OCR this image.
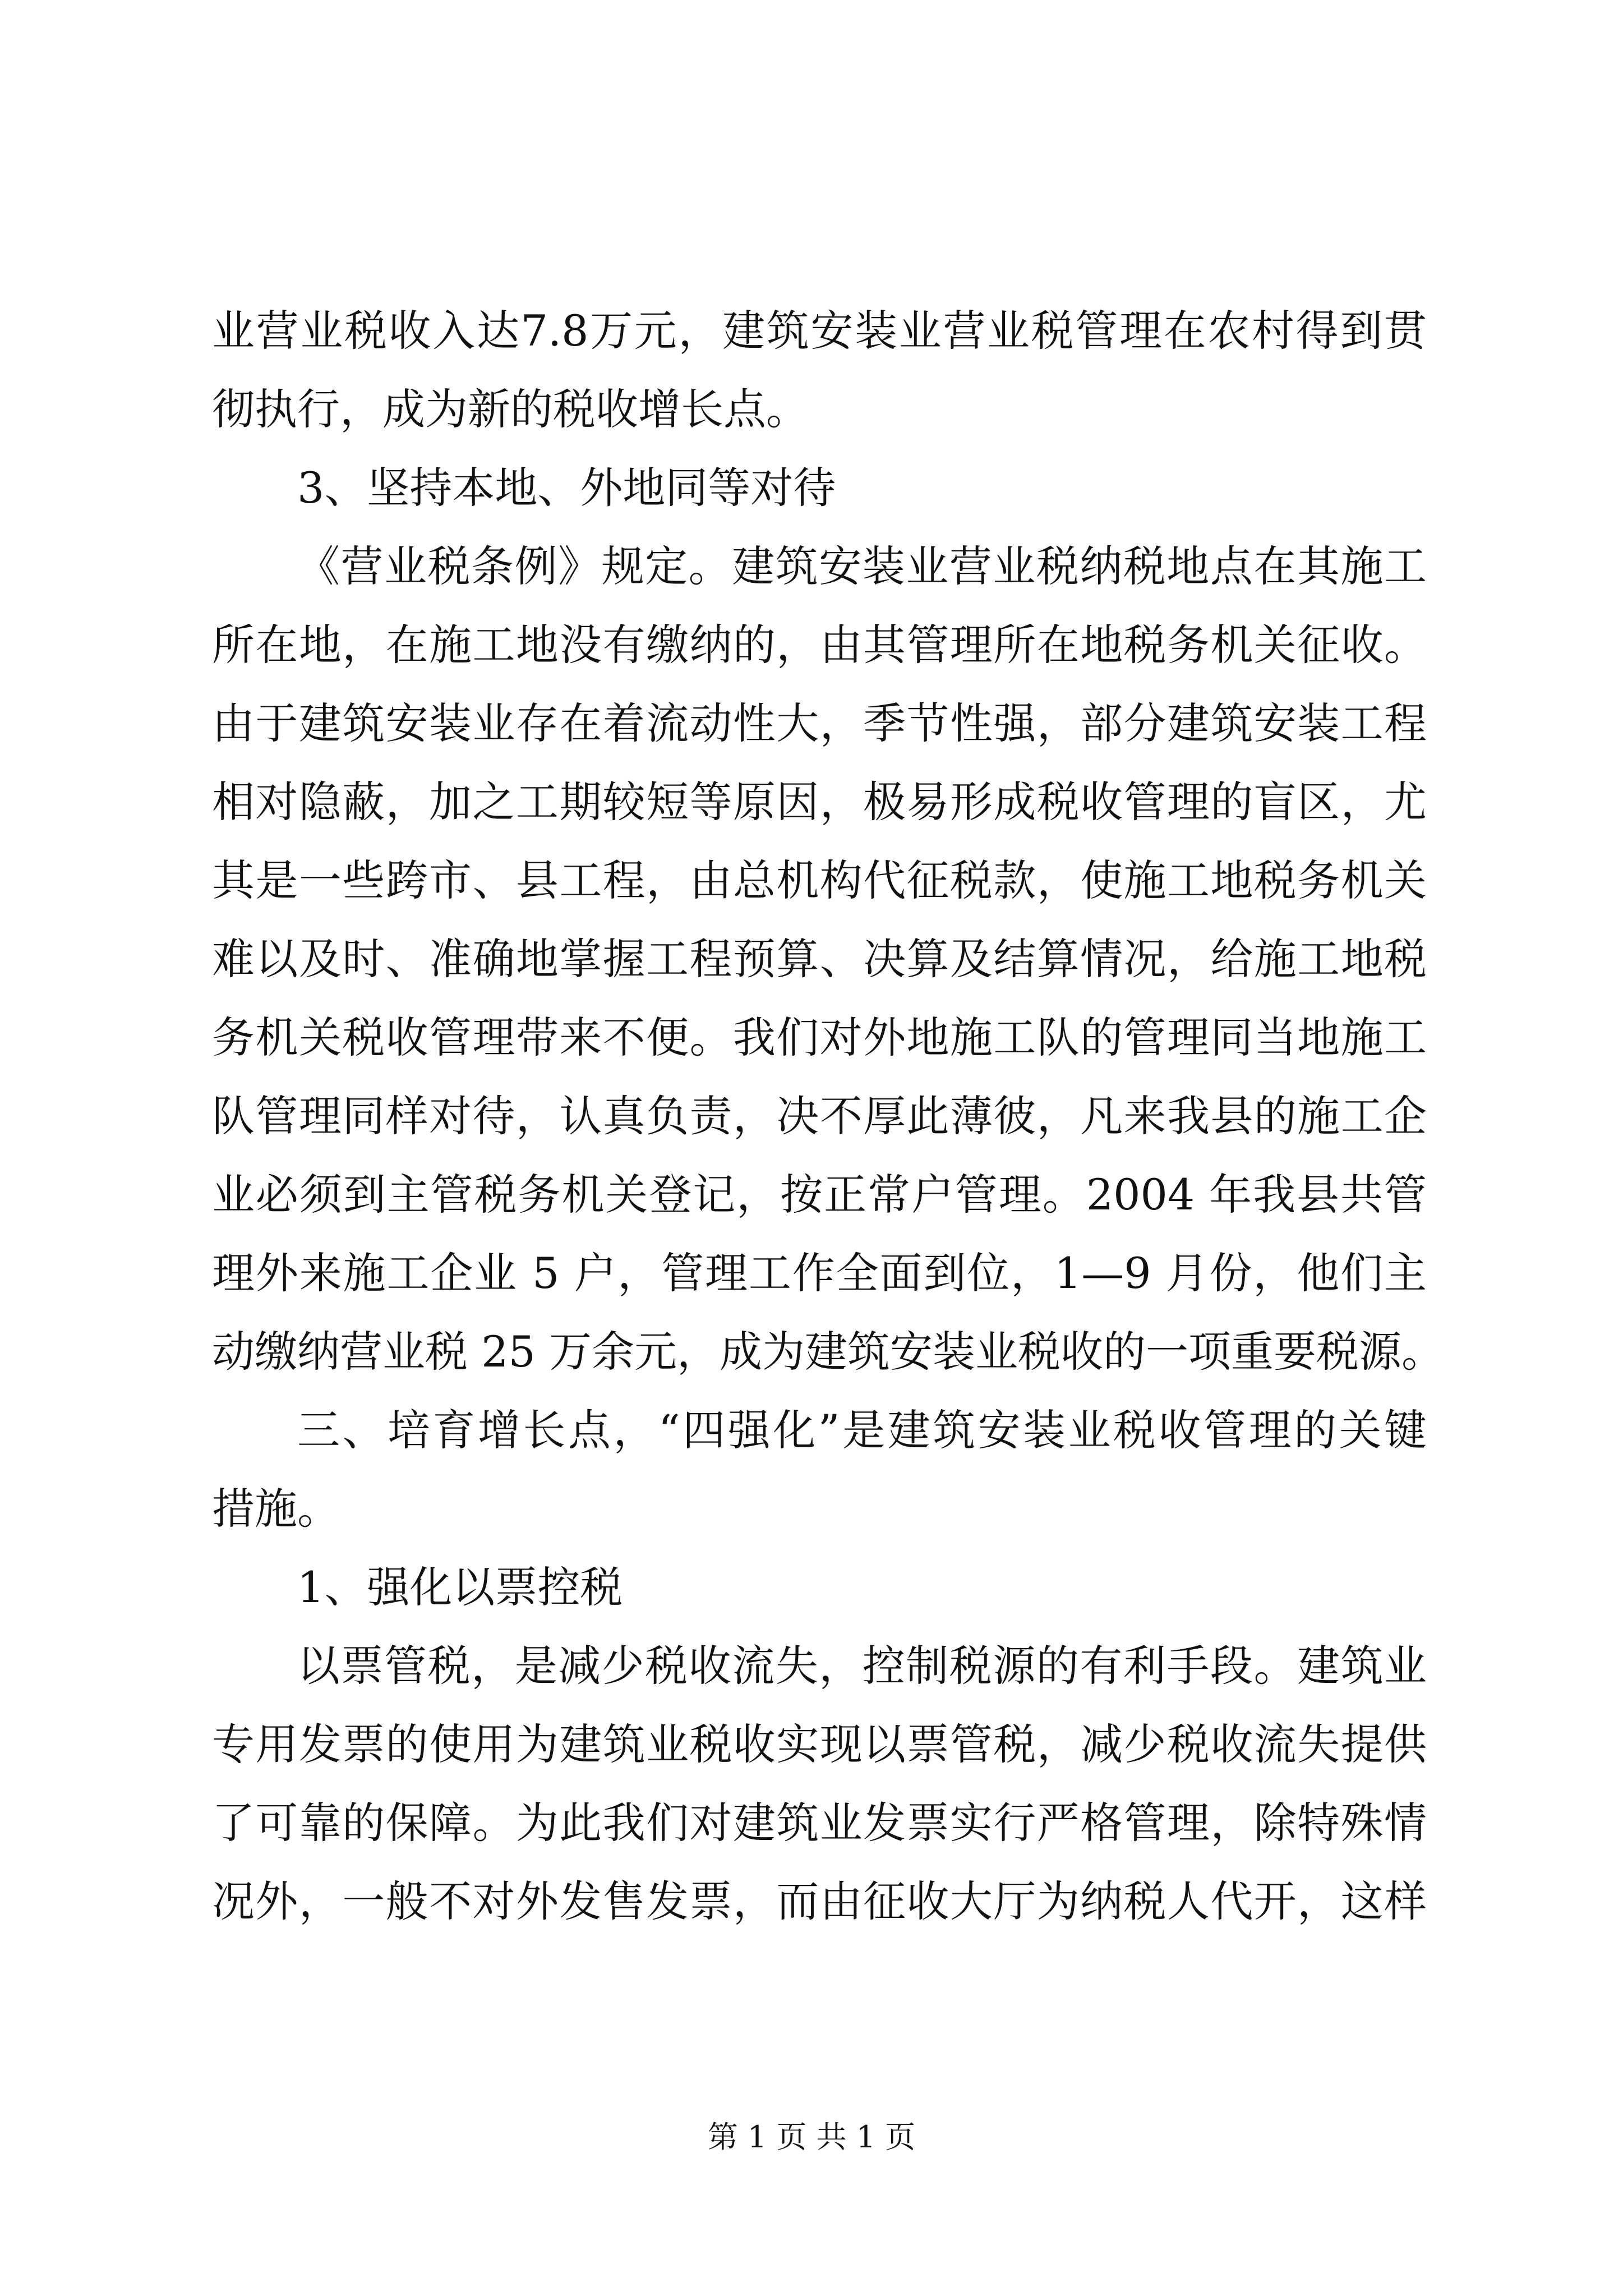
业营业税收入达7.8万元，建筑安装业营业税管理在农村得到贯
彻执行，成为新的税收增长点。
3、坚持本地、外地同等对待
《营业税条例》规定。建筑安装业营业税纳税地点在其施工
所在地，在施工地没有缴纳的，由其管理所在地税务机关征收。
由于建筑安装业存在着流动性大，季节性强，部分建筑安装工程
相对隐蔽，加之工期较短等原因，极易形成税收管理的盲区，尤
其是一些跨市、县工程，由总机构代征税款，使施工地税务机关
难以及时、准确地掌握工程预算、决算及结算情况，给施工地税
务机关税收管理带来不便。我们对外地施工队的管理同当地施工
队管理同样对待，认真负责，决不厚此薄彼，凡来我县的施工企
业必须到主管税务机关登记，按正常户管理。2004 年我县共管
理外来施工企业 5 户，管理工作全面到位，1—9 月份，他们主
动缴纳营业税 25 万余元，成为建筑安装业税收的一项重要税源。
三、培育增长点，“四强化”是建筑安装业税收管理的关键
措施。
1、强化以票控税
以票管税，是减少税收流失，控制税源的有利手段。建筑业
专用发票的使用为建筑业税收实现以票管税，减少税收流失提供
了可靠的保障。为此我们对建筑业发票实行严格管理，除特殊情
况外，一般不对外发售发票，而由征收大厅为纳税人代开，这样
第 1 页 共 1 页
